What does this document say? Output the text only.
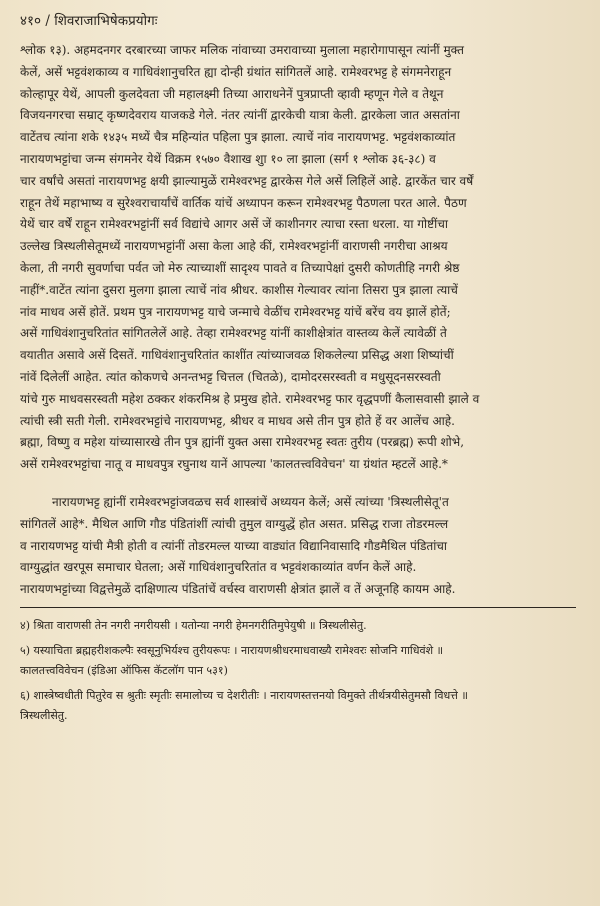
४१० / शिवराजाभिषेकप्रयोगः
श्लोक १३). अहमदनगर दरबारच्या जाफर मलिक नांवाच्या उमरावाच्या मुलाला महारोगापासून त्यांनीं मुक्त
केलें, असें भट्टवंशकाव्य व गाधिवंशानुचरित ह्या दोन्ही ग्रंथांत सांगितलें आहे. रामेश्वरभट्ट हे संगमनेराहून
कोल्हापूर येथें, आपली कुलदेवता जी महालक्ष्मी तिच्या आराधनेनें पुत्रप्राप्ती व्हावी म्हणून गेले व तेथून
विजयनगरचा सम्राट् कृष्णदेवराय याजकडे गेले. नंतर त्यांनीं द्वारकेची यात्रा केली. द्वारकेला जात असतांना
वाटेंतच त्यांना शके १४३५ मध्यें चैत्र महिन्यांत पहिला पुत्र झाला. त्याचें नांव नारायणभट्ट. भट्टवंशकाव्यांत
नारायणभट्टांचा जन्म संगमनेर येथें विक्रम १५७० वैशाख शुा १० ला झाला (सर्ग १ श्लोक ३६-३८) व
चार वर्षांचे असतां नारायणभट्ट क्षयी झाल्यामुळें रामेश्वरभट्ट द्वारकेस गेले असें लिहिलें आहे. द्वारकेंत चार वर्षें
राहून तेथें महाभाष्य व सुरेश्वराचार्यांचें वार्तिक यांचें अध्यापन करून रामेश्वरभट्ट पैठणला परत आले. पैठण
येथें चार वर्षें राहून रामेश्वरभट्टांनीं सर्व विद्यांचे आगर असें जें काशीनगर त्याचा रस्ता धरला. या गोष्टींचा
उल्लेख त्रिस्थलीसेतूमध्यें नारायणभट्टांनीं असा केला आहे कीं, रामेश्वरभट्टांनीं वाराणसी नगरीचा आश्रय
केला, ती नगरी सुवर्णाचा पर्वत जो मेरु त्याच्याशीं सादृश्य पावते व तिच्यापेक्षां दुसरी कोणतीहि नगरी श्रेष्ठ
नाहीं*.वाटेंत त्यांना दुसरा मुलगा झाला त्याचें नांव श्रीधर. काशीस गेल्यावर त्यांना तिसरा पुत्र झाला त्याचें
नांव माधव असें होतें. प्रथम पुत्र नारायणभट्ट याचे जन्माचे वेळींच रामेश्वरभट्ट यांचें बरेंच वय झालें होतें;
असें गाधिवंशानुचरितांत सांगितलेलें आहे. तेव्हा रामेश्वरभट्ट यांनीं काशीक्षेत्रांत वास्तव्य केलें त्यावेळीं ते
वयातीत असावे असें दिसतें. गाधिवंशानुचरितांत काशींत त्यांच्याजवळ शिकलेल्या प्रसिद्ध अशा शिष्यांचीं
नांवें दिलेलीं आहेत. त्यांत कोकणचे अनन्तभट्ट चित्तल (चितळे), दामोदरसरस्वती व मधुसूदनसरस्वती
यांचे गुरु माधवसरस्वती महेश ठक्कर शंकरमिश्र हे प्रमुख होते. रामेश्वरभट्ट फार वृद्धपणीं कैलासवासी झाले व
त्यांची स्त्री सती गेली. रामेश्वरभट्टांचे नारायणभट्ट, श्रीधर व माधव असे तीन पुत्र होते हें वर आलेंच आहे.
ब्रह्मा, विष्णु व महेश यांच्यासारखे तीन पुत्र ह्यांनीं युक्त असा रामेश्वरभट्ट स्वतः तुरीय (परब्रह्म) रूपी शोभे,
असें रामेश्वरभट्टांचा नातू व माधवपुत्र रघुनाथ यानें आपल्या 'कालतत्त्वविवेचन' या ग्रंथांत म्हटलें आहे.*
नारायणभट्ट ह्यांनीं रामेश्वरभट्टांजवळच सर्व शास्त्रांचें अध्ययन केलें; असें त्यांच्या 'त्रिस्थलीसेतू'त
सांगितलें आहे*. मैथिल आणि गौड पंडितांशीं त्यांची तुमुल वाग्युद्धें होत असत. प्रसिद्ध राजा तोडरमल्ल
व नारायणभट्ट यांची मैत्री होती व त्यांनीं तोडरमल्ल याच्या वाड्यांत विद्यानिवासादि गौडमैथिल पंडितांचा
वाग्युद्धांत खरपूस समाचार घेतला; असें गाधिवंशानुचरितांत व भट्टवंशकाव्यांत वर्णन केलें आहे.
नारायणभट्टांच्या विद्वत्तेमुळें दाक्षिणात्य पंडितांचें वर्चस्व वाराणसी क्षेत्रांत झालें व तें अजूनहि कायम आहे.
४) श्रिता वाराणसी तेन नगरी नगरीयसी । यतोन्या नगरी हेमनगरीतिमुपेयुषी ॥ त्रिस्थलीसेतु.
५) यस्याचिता ब्रह्महरीशकल्पैः स्वसूनुभिर्यश्च तुरीयरूपः । नारायणश्रीधरमाधवाख्यै रामेश्वरः सोजनि गाधिवंशे ॥
कालतत्त्वविवेचन (इंडिआ ऑफिस कॅटलॉग पान ५३१)
६) शास्त्रेष्वधीती पितुरेव स श्रुतीः स्मृतीः समालोच्य च देशरीतीः । नारायणस्तत्तनयो विमुक्ते तीर्थत्रयीसेतुमसौ विधत्ते ॥
त्रिस्थलीसेतु.
